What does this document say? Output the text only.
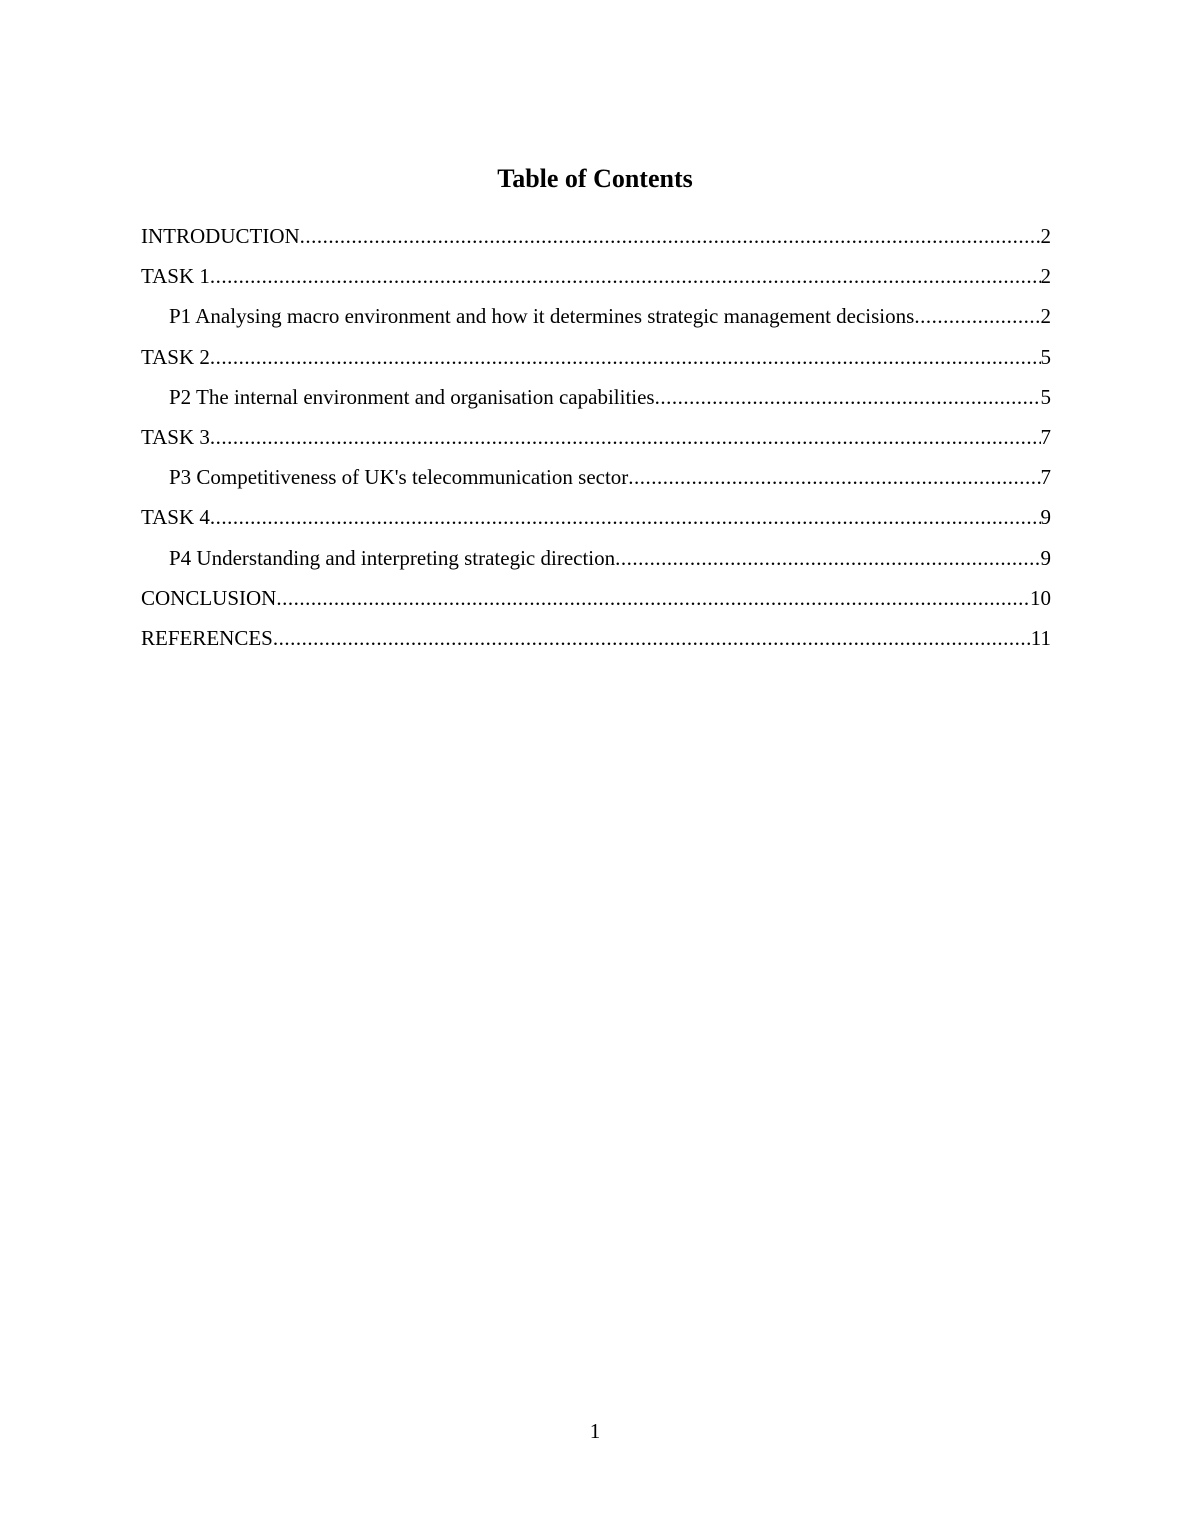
Table of Contents
INTRODUCTION .....	2
TASK 1 .....	2
P1 Analysing macro environment and how it determines strategic management decisions .....	2
TASK 2 .....	5
P2 The internal environment and organisation capabilities .....	5
TASK 3 .....	7
P3 Competitiveness of UK's telecommunication sector .....	7
TASK 4 .....	9
P4 Understanding and interpreting strategic direction .....	9
CONCLUSION .....	10
REFERENCES .....	11
1
